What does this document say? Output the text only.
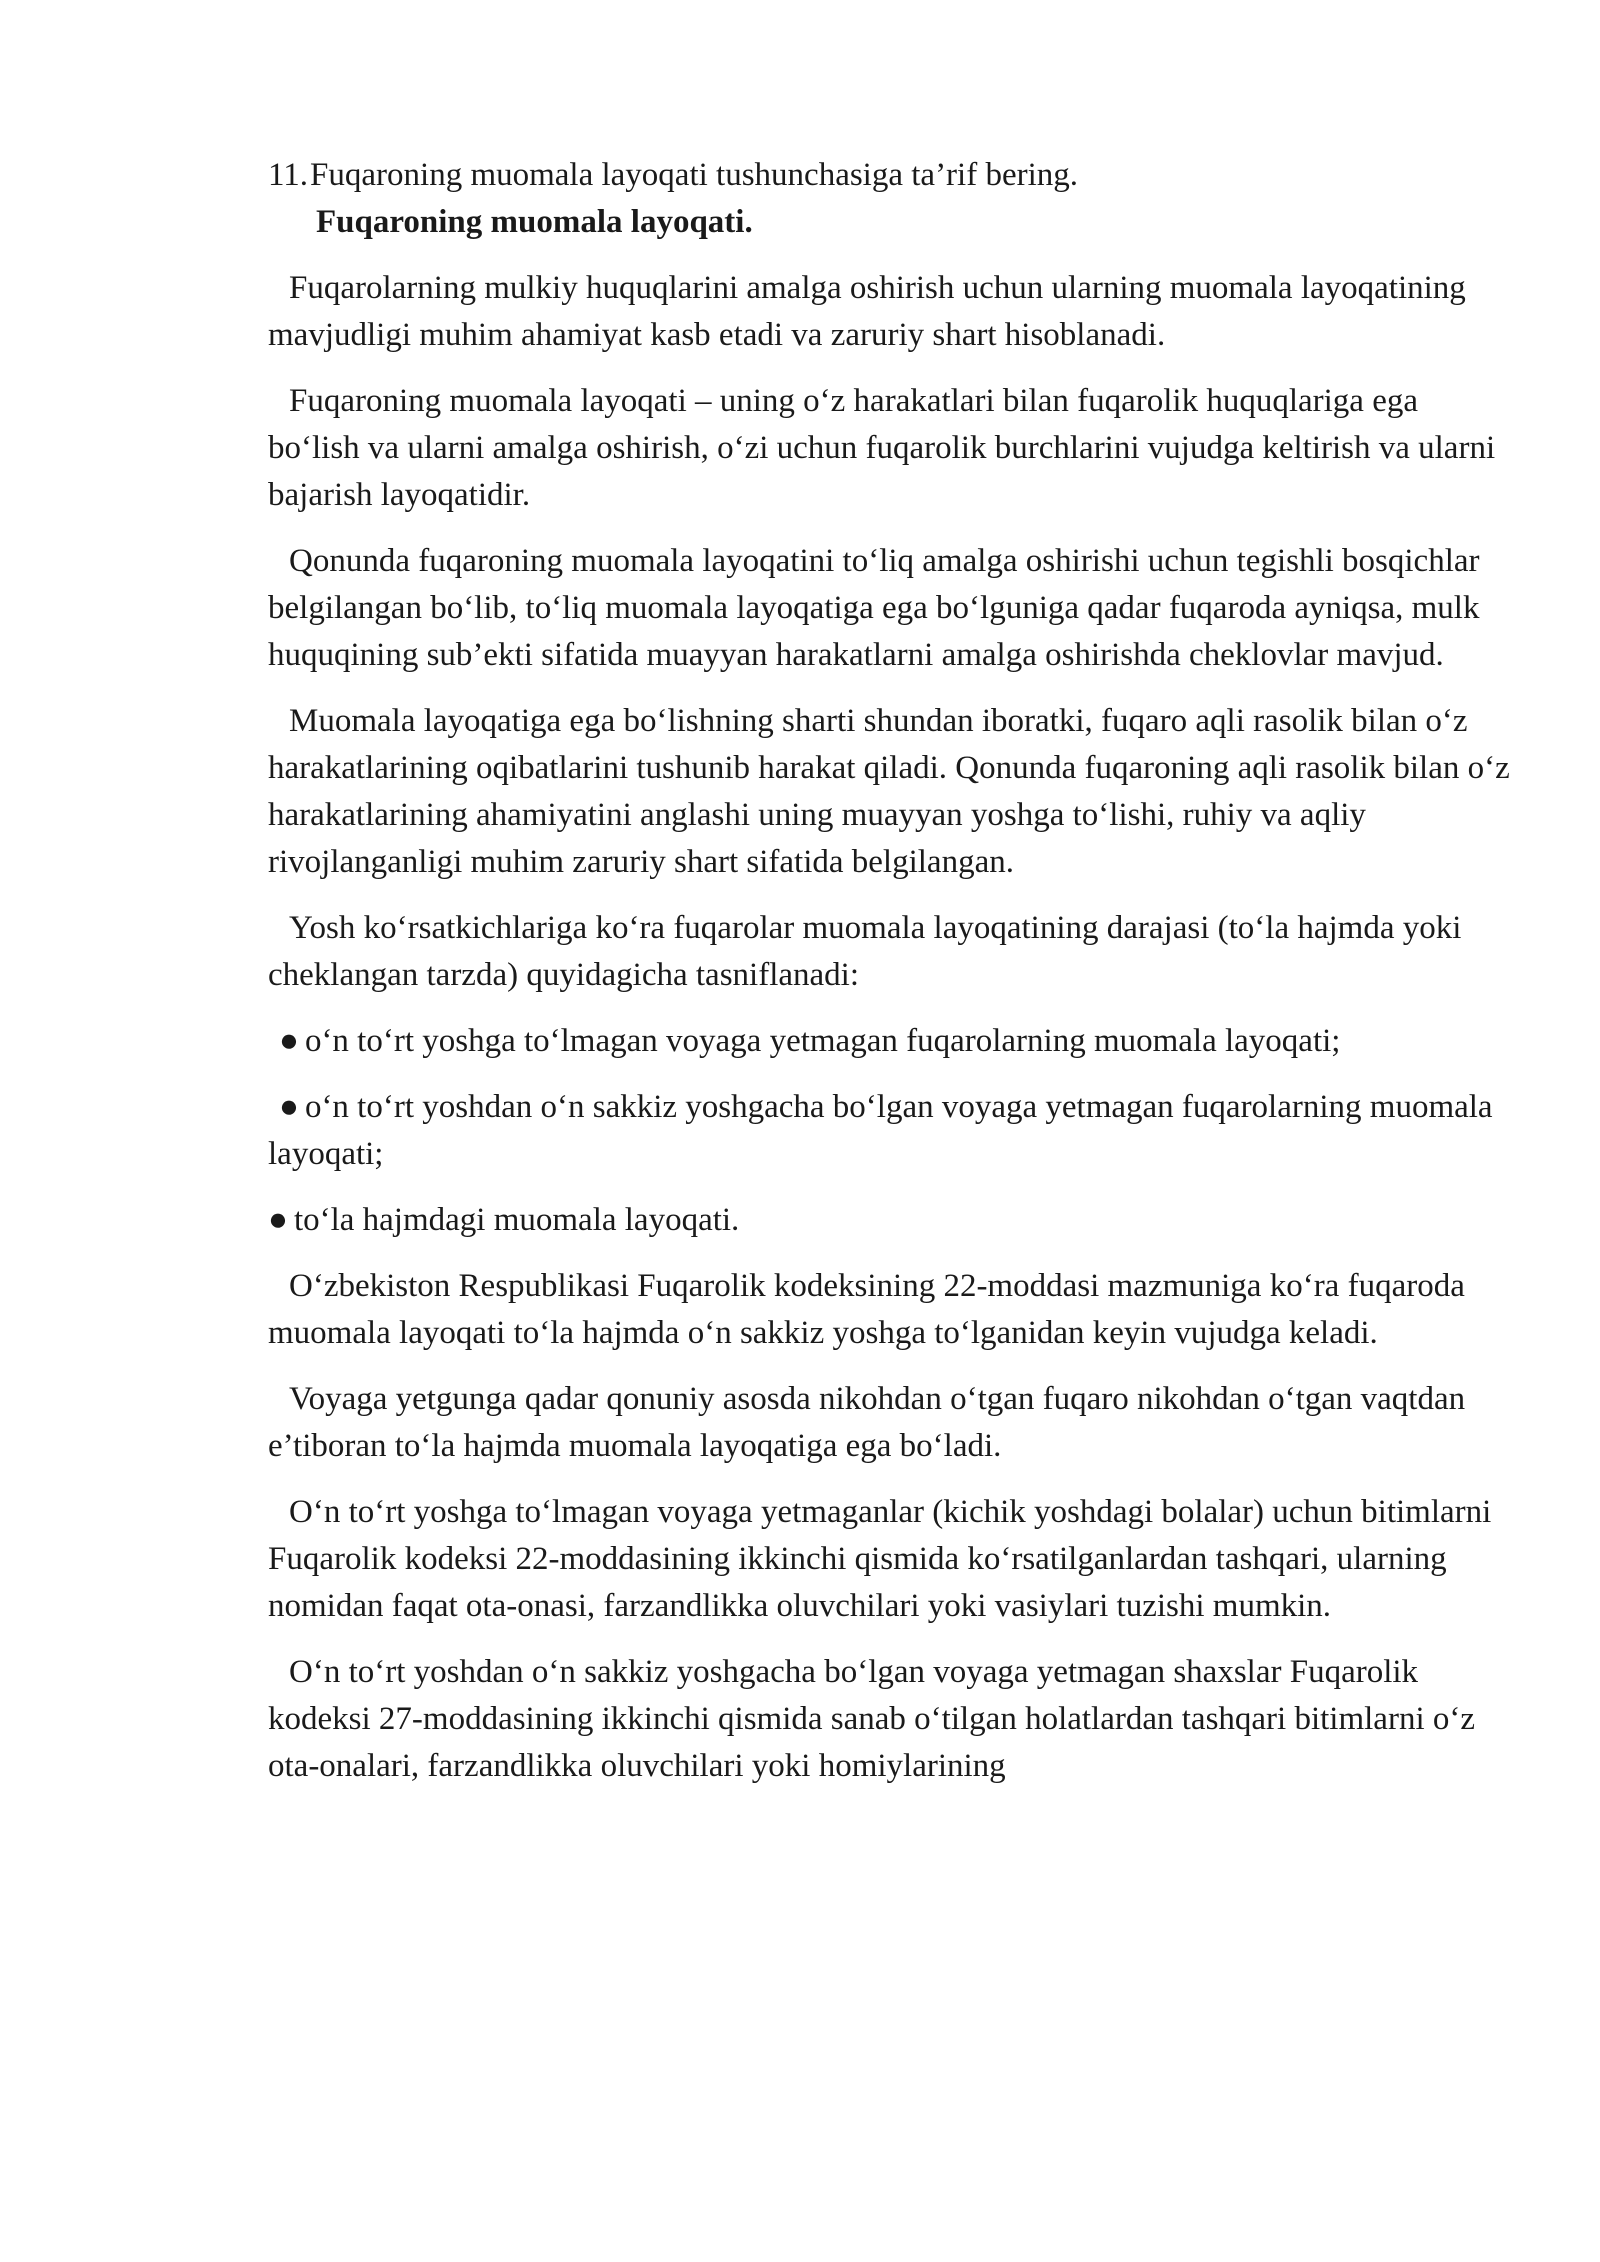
11.Fuqaroning muomala layoqati tushunchasiga ta’rif bering.

Fuqaroning muomala layoqati.

Fuqarolarning mulkiy huquqlarini amalga oshirish uchun ularning muomala layoqatining mavjudligi muhim ahamiyat kasb etadi va zaruriy shart hisoblanadi.

Fuqaroning muomala layoqati – uning o‘z harakatlari bilan fuqarolik huquqlariga ega bo‘lish va ularni amalga oshirish, o‘zi uchun fuqarolik burchlarini vujudga keltirish va ularni bajarish layoqatidir.

Qonunda fuqaroning muomala layoqatini to‘liq amalga oshirishi uchun tegishli bosqichlar belgilangan bo‘lib, to‘liq muomala layoqatiga ega bo‘lguniga qadar fuqaroda ayniqsa, mulk huquqining sub’ekti sifatida muayyan harakatlarni amalga oshirishda cheklovlar mavjud.

Muomala layoqatiga ega bo‘lishning sharti shundan iboratki, fuqaro aqli rasolik bilan o‘z harakatlarining oqibatlarini tushunib harakat qiladi. Qonunda fuqaroning aqli rasolik bilan o‘z harakatlarining ahamiyatini anglashi uning muayyan yoshga to‘lishi, ruhiy va aqliy rivojlanganligi muhim zaruriy shart sifatida belgilangan.

Yosh ko‘rsatkichlariga ko‘ra fuqarolar muomala layoqatining darajasi (to‘la hajmda yoki cheklangan tarzda) quyidagicha tasniflanadi:

● o‘n to‘rt yoshga to‘lmagan voyaga yetmagan fuqarolarning muomala layoqati;

● o‘n to‘rt yoshdan o‘n sakkiz yoshgacha bo‘lgan voyaga yetmagan fuqarolarning muomala layoqati;

● to‘la hajmdagi muomala layoqati.

O‘zbekiston Respublikasi Fuqarolik kodeksining 22-moddasi mazmuniga ko‘ra fuqaroda muomala layoqati to‘la hajmda o‘n sakkiz yoshga to‘lganidan keyin vujudga keladi.

Voyaga yetgunga qadar qonuniy asosda nikohdan o‘tgan fuqaro nikohdan o‘tgan vaqtdan e’tiboran to‘la hajmda muomala layoqatiga ega bo‘ladi.

O‘n to‘rt yoshga to‘lmagan voyaga yetmaganlar (kichik yoshdagi bolalar) uchun bitimlarni Fuqarolik kodeksi 22-moddasining ikkinchi qismida ko‘rsatilganlardan tashqari, ularning nomidan faqat ota-onasi, farzandlikka oluvchilari yoki vasiylari tuzishi mumkin.

O‘n to‘rt yoshdan o‘n sakkiz yoshgacha bo‘lgan voyaga yetmagan shaxslar Fuqarolik kodeksi 27-moddasining ikkinchi qismida sanab o‘tilgan holatlardan tashqari bitimlarni o‘z ota-onalari, farzandlikka oluvchilari yoki homiylarining
